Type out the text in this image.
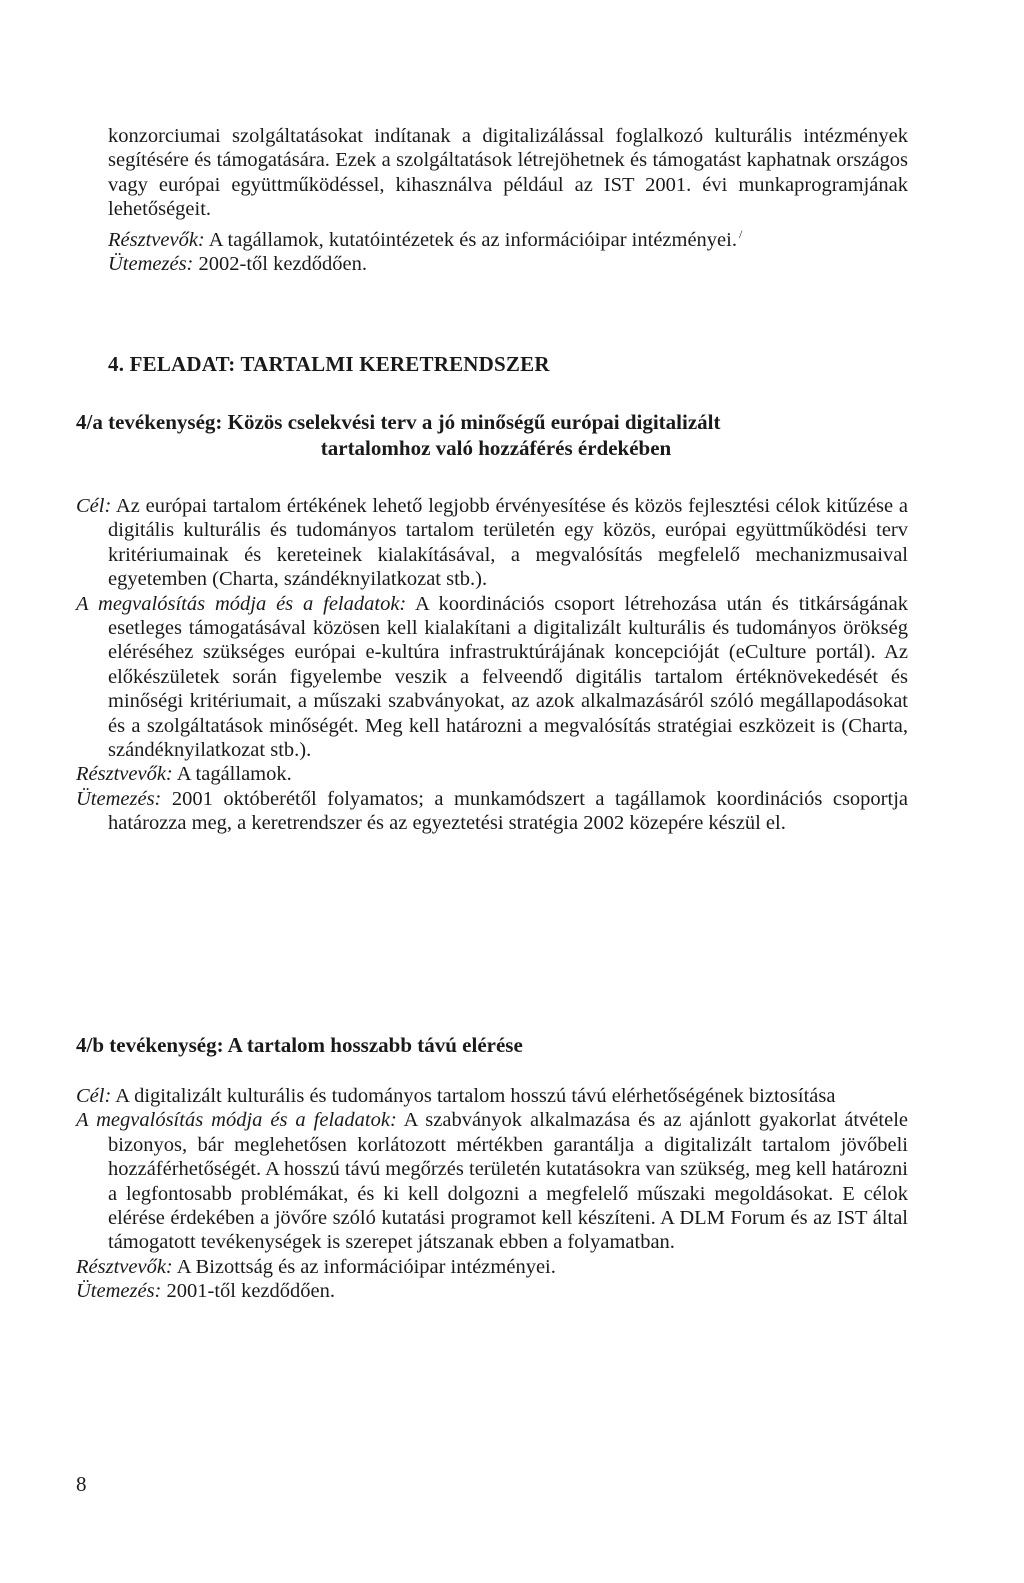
konzorciumai szolgáltatásokat indítanak a digitalizálással foglalkozó kulturális intézmények segítésére és támogatására. Ezek a szolgáltatások létrejöhetnek és támogatást kaphatnak országos vagy európai együttműködéssel, kihasználva például az IST 2001. évi munkaprogramjának lehetőségeit.

Résztvevők: A tagállamok, kutatóintézetek és az információipar intézményei. /

Ütemezés: 2002-től kezdődően.

4. FELADAT: TARTALMI KERETRENDSZER
4/a tevékenység: Közös cselekvési terv a jó minőségű európai digitalizált
tartalomhoz való hozzáférés érdekében

Cél: Az európai tartalom értékének lehető legjobb érvényesítése és közös fejlesztési célok kitűzése a digitális kulturális és tudományos tartalom területén egy közös, európai együttműködési terv kritériumainak és kereteinek kialakításával, a megvalósítás megfelelő mechanizmusaival egyetemben (Charta, szándéknyilatkozat stb.).

A megvalósítás módja és a feladatok: A koordinációs csoport létrehozása után és titkárságának esetleges támogatásával közösen kell kialakítani a digitalizált kulturális és tudományos örökség eléréséhez szükséges európai e-kultúra infrastruktúrájának koncepcióját (eCulture portál). Az előkészületek során figyelembe veszik a felveendő digitális tartalom értéknövekedését és minőségi kritériumait, a műszaki szabványokat, az azok alkalmazásáról szóló megállapodásokat és a szolgáltatások minőségét. Meg kell határozni a megvalósítás stratégiai eszközeit is (Charta, szándéknyilatkozat stb.).

Résztvevők: A tagállamok.

Ütemezés: 2001 októberétől folyamatos; a munkamódszert a tagállamok koordinációs csoportja határozza meg, a keretrendszer és az egyeztetési stratégia 2002 közepére készül el.

4/b tevékenység: A tartalom hosszabb távú elérése

Cél: A digitalizált kulturális és tudományos tartalom hosszú távú elérhetőségének biztosítása

A megvalósítás módja és a feladatok: A szabványok alkalmazása és az ajánlott gyakorlat átvétele bizonyos, bár meglehetősen korlátozott mértékben garantálja a digitalizált tartalom jövőbeli hozzáférhetőségét. A hosszú távú megőrzés területén kutatásokra van szükség, meg kell határozni a legfontosabb problémákat, és ki kell dolgozni a megfelelő műszaki megoldásokat. E célok elérése érdekében a jövőre szóló kutatási programot kell készíteni. A DLM Forum és az IST által támogatott tevékenységek is szerepet játszanak ebben a folyamatban.

Résztvevők: A Bizottság és az információipar intézményei.

Ütemezés: 2001-től kezdődően.

8
